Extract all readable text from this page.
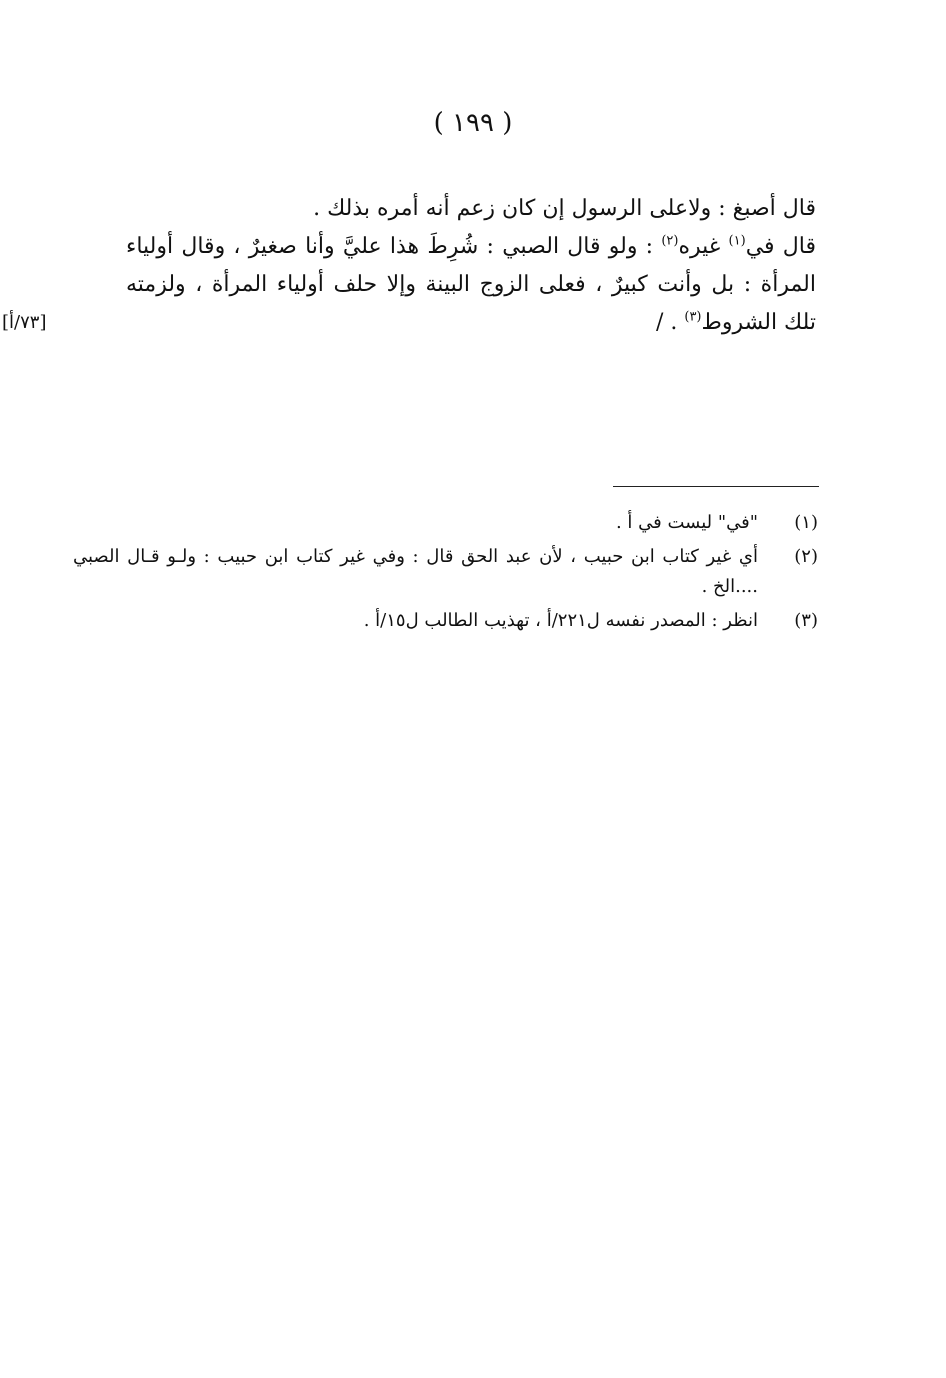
( ١٩٩ )

قال أصبغ : ولاعلى الرسول إن كان زعم أنه أمره بذلك .

قال في$^{(١)}$ غيره$^{(٢)}$ : ولو قال الصبي : شُرِطَ هذا عليَّ وأنا صغيرٌ ، وقال أولياء المرأة : بل وأنت كبيرٌ ، فعلى الزوج البينة وإلا حلف أولياء المرأة ، ولزمته تلك الشروط$^{(٣)}$ . /

[٧٣/أ]
(١)
"في" ليست في أ .
(٢)
أي غير كتاب ابن حبيب ، لأن عبد الحق قال : وفي غير كتاب ابن حبيب : ولـو قـال الصبي ....الخ .
(٣)
انظر : المصدر نفسه ل٢٢١/أ ، تهذيب الطالب ل١٥/أ .
